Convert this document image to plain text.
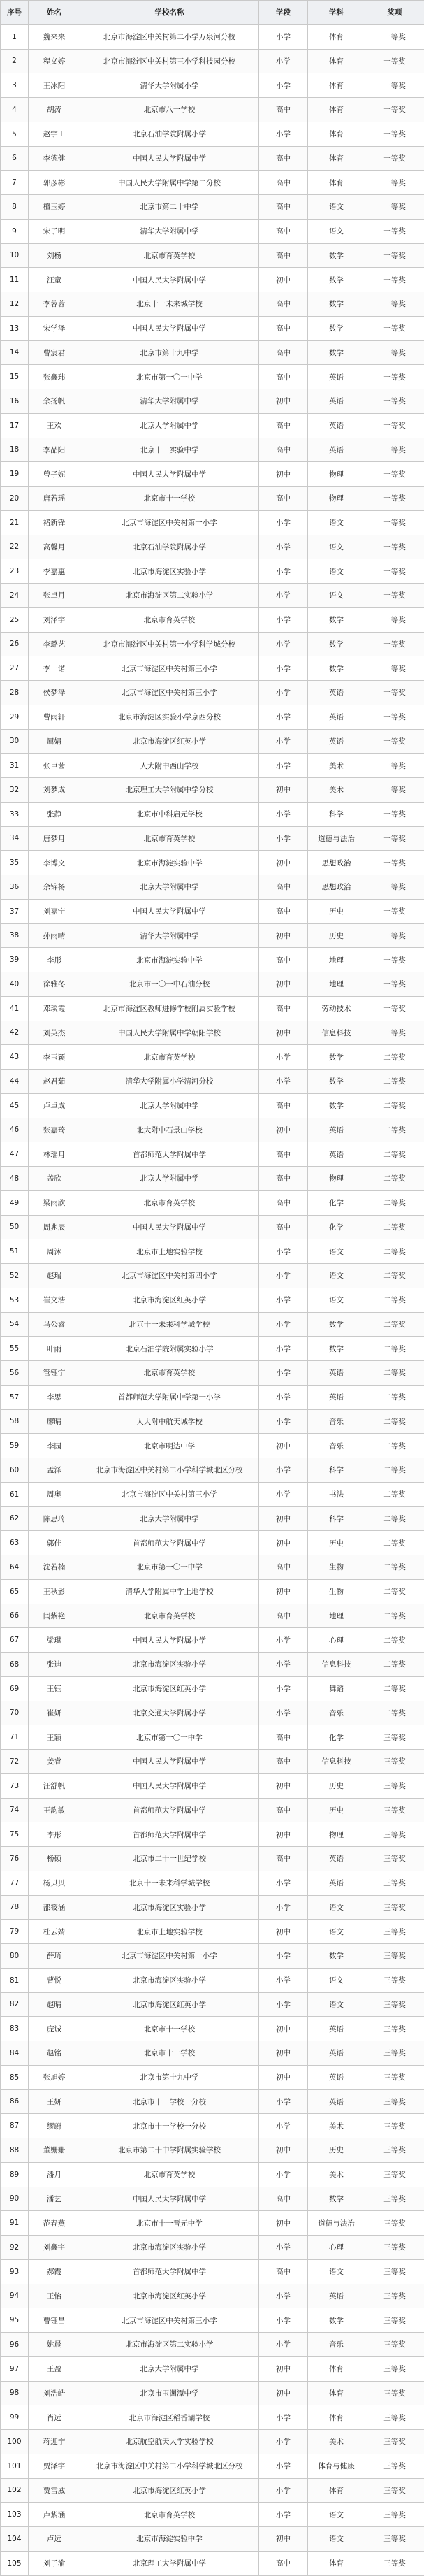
序号	姓名	学校名称	学段	学科	奖项
1	魏来来	北京市海淀区中关村第二小学万泉河分校	小学	体育	一等奖
2	程义婷	北京市海淀区中关村第三小学科技园分校	小学	体育	一等奖
3	王冰阳	清华大学附属小学	小学	体育	一等奖
4	胡涛	北京市八一学校	高中	体育	一等奖
5	赵宇田	北京石油学院附属小学	小学	体育	一等奖
6	李德健	中国人民大学附属中学	高中	体育	一等奖
7	郭彦彬	中国人民大学附属中学第二分校	高中	体育	一等奖
8	檀玉婷	北京市第二十中学	高中	语文	一等奖
9	宋子明	清华大学附属中学	高中	语文	一等奖
10	刘杨	北京市育英学校	高中	数学	一等奖
11	汪童	中国人民大学附属中学	初中	数学	一等奖
12	李蓉蓉	北京十一未来城学校	高中	数学	一等奖
13	宋学泽	中国人民大学附属中学	高中	数学	一等奖
14	曹宸君	北京市第十九中学	高中	数学	一等奖
15	张鑫玮	北京市第一〇一中学	高中	英语	一等奖
16	余扬帆	清华大学附属中学	初中	英语	一等奖
17	王欢	北京大学附属中学	高中	英语	一等奖
18	李品阳	北京十一实验中学	高中	英语	一等奖
19	曾子妮	中国人民大学附属中学	初中	物理	一等奖
20	唐若瑶	北京市十一学校	高中	物理	一等奖
21	褚新锋	北京市海淀区中关村第一小学	小学	语文	一等奖
22	高馨月	北京石油学院附属小学	小学	语文	一等奖
23	李嘉惠	北京市海淀区实验小学	小学	语文	一等奖
24	张卓月	北京市海淀区第二实验小学	小学	语文	一等奖
25	刘泽宇	北京市育英学校	小学	数学	一等奖
26	李璐艺	北京市海淀区中关村第一小学科学城分校	小学	数学	一等奖
27	李一诺	北京市海淀区中关村第三小学	小学	数学	一等奖
28	侯梦泽	北京市海淀区中关村第三小学	小学	英语	一等奖
29	曹雨轩	北京市海淀区实验小学京西分校	小学	英语	一等奖
30	屈婧	北京市海淀区红英小学	小学	英语	一等奖
31	张卓茜	人大附中西山学校	小学	美术	一等奖
32	刘梦成	北京理工大学附属中学分校	初中	美术	一等奖
33	张静	北京市中科启元学校	小学	科学	一等奖
34	唐梦月	北京市育英学校	小学	道德与法治	一等奖
35	李博文	北京市海淀实验中学	初中	思想政治	一等奖
36	余锦杨	北京大学附属中学	高中	思想政治	一等奖
37	刘嘉宁	中国人民大学附属中学	高中	历史	一等奖
38	孙雨晴	清华大学附属中学	初中	历史	一等奖
39	李彤	北京市海淀实验中学	高中	地理	一等奖
40	徐雅冬	北京市一〇一中石油分校	初中	地理	一等奖
41	邓琰霞	北京市海淀区教师进修学校附属实验学校	高中	劳动技术	一等奖
42	刘英杰	中国人民大学附属中学朝阳学校	初中	信息科技	一等奖
43	李玉颖	北京市育英学校	小学	数学	二等奖
44	赵君茹	清华大学附属小学清河分校	小学	数学	二等奖
45	卢卓成	北京大学附属中学	高中	数学	二等奖
46	张嘉琦	北大附中石景山学校	初中	英语	二等奖
47	林瑶月	首都师范大学附属中学	高中	英语	二等奖
48	盖欣	北京大学附属中学	高中	物理	二等奖
49	梁雨欣	北京市育英学校	高中	化学	二等奖
50	周兆辰	中国人民大学附属中学	高中	化学	二等奖
51	周沐	北京市上地实验学校	小学	语文	二等奖
52	赵瑞	北京市海淀区中关村第四小学	小学	语文	二等奖
53	崔文浩	北京市海淀区红英小学	小学	语文	二等奖
54	马公睿	北京十一未来科学城学校	小学	数学	二等奖
55	叶雨	北京石油学院附属实验小学	小学	数学	二等奖
56	管钰宁	北京市育英学校	小学	英语	二等奖
57	李思	首都师范大学附属中学第一小学	小学	英语	二等奖
58	廖晴	人大附中航天城学校	小学	音乐	二等奖
59	李园	北京市明达中学	初中	音乐	二等奖
60	孟泽	北京市海淀区中关村第二小学科学城北区分校	小学	科学	二等奖
61	周奥	北京市海淀区中关村第三小学	小学	书法	二等奖
62	陈思琦	北京大学附属中学	初中	科学	二等奖
63	郭佳	首都师范大学附属中学	初中	历史	二等奖
64	沈若楠	北京市第一〇一中学	高中	生物	二等奖
65	王秋影	清华大学附属中学上地学校	初中	生物	二等奖
66	闫紫艳	北京市育英学校	高中	地理	二等奖
67	梁琪	中国人民大学附属小学	小学	心理	二等奖
68	张迪	北京市海淀区实验小学	小学	信息科技	二等奖
69	王钰	北京市海淀区红英小学	小学	舞蹈	二等奖
70	崔妍	北京交通大学附属小学	小学	音乐	二等奖
71	王颖	北京市第一〇一中学	高中	化学	三等奖
72	姜睿	中国人民大学附属中学	高中	信息科技	三等奖
73	汪舒帆	中国人民大学附属中学	初中	历史	三等奖
74	王韵敏	首都师范大学附属中学	高中	历史	三等奖
75	李彤	首都师范大学附属中学	初中	物理	三等奖
76	杨硕	北京市二十一世纪学校	高中	英语	三等奖
77	杨贝贝	北京十一未来科学城学校	小学	英语	三等奖
78	邵筱涵	北京市海淀区实验小学	小学	语文	三等奖
79	杜云婧	北京市上地实验学校	初中	语文	三等奖
80	薛琦	北京市海淀区中关村第一小学	小学	数学	三等奖
81	曹悦	北京市海淀区实验小学	小学	语文	三等奖
82	赵晴	北京市海淀区红英小学	小学	语文	三等奖
83	庞诚	北京市十一学校	初中	英语	三等奖
84	赵铭	北京市十一学校	初中	英语	三等奖
85	张旭婷	北京市第十九中学	初中	英语	三等奖
86	王妍	北京市十一学校一分校	小学	英语	三等奖
87	缪蔚	北京市十一学校一分校	小学	美术	三等奖
88	董姗姗	北京市第二十中学附属实验学校	初中	历史	三等奖
89	潘月	北京市育英学校	小学	美术	三等奖
90	潘艺	中国人民大学附属中学	高中	数学	三等奖
91	范春燕	北京市十一晋元中学	初中	道德与法治	三等奖
92	刘鑫宇	北京市海淀区实验小学	小学	心理	三等奖
93	郝霞	首都师范大学附属中学	高中	语文	三等奖
94	王怡	北京市海淀区红英小学	小学	英语	三等奖
95	曹钰昌	北京市海淀区中关村第三小学	小学	数学	三等奖
96	姚晨	北京市海淀区第二实验小学	小学	音乐	三等奖
97	王盈	北京大学附属中学	初中	体育	三等奖
98	刘浩皓	北京市玉渊潭中学	初中	体育	三等奖
99	肖远	北京市海淀区稻香湖学校	小学	体育	三等奖
100	蒋迎宁	北京航空航天大学实验学校	小学	美术	三等奖
101	贾泽宇	北京市海淀区中关村第二小学科学城北区分校	小学	体育与健康	三等奖
102	贾雪威	北京市海淀区红英小学	小学	体育	三等奖
103	卢紫涵	北京市育英学校	小学	语文	三等奖
104	卢远	北京市海淀实验中学	初中	语文	三等奖
105	刘子渝	北京理工大学附属中学	高中	体育	三等奖
